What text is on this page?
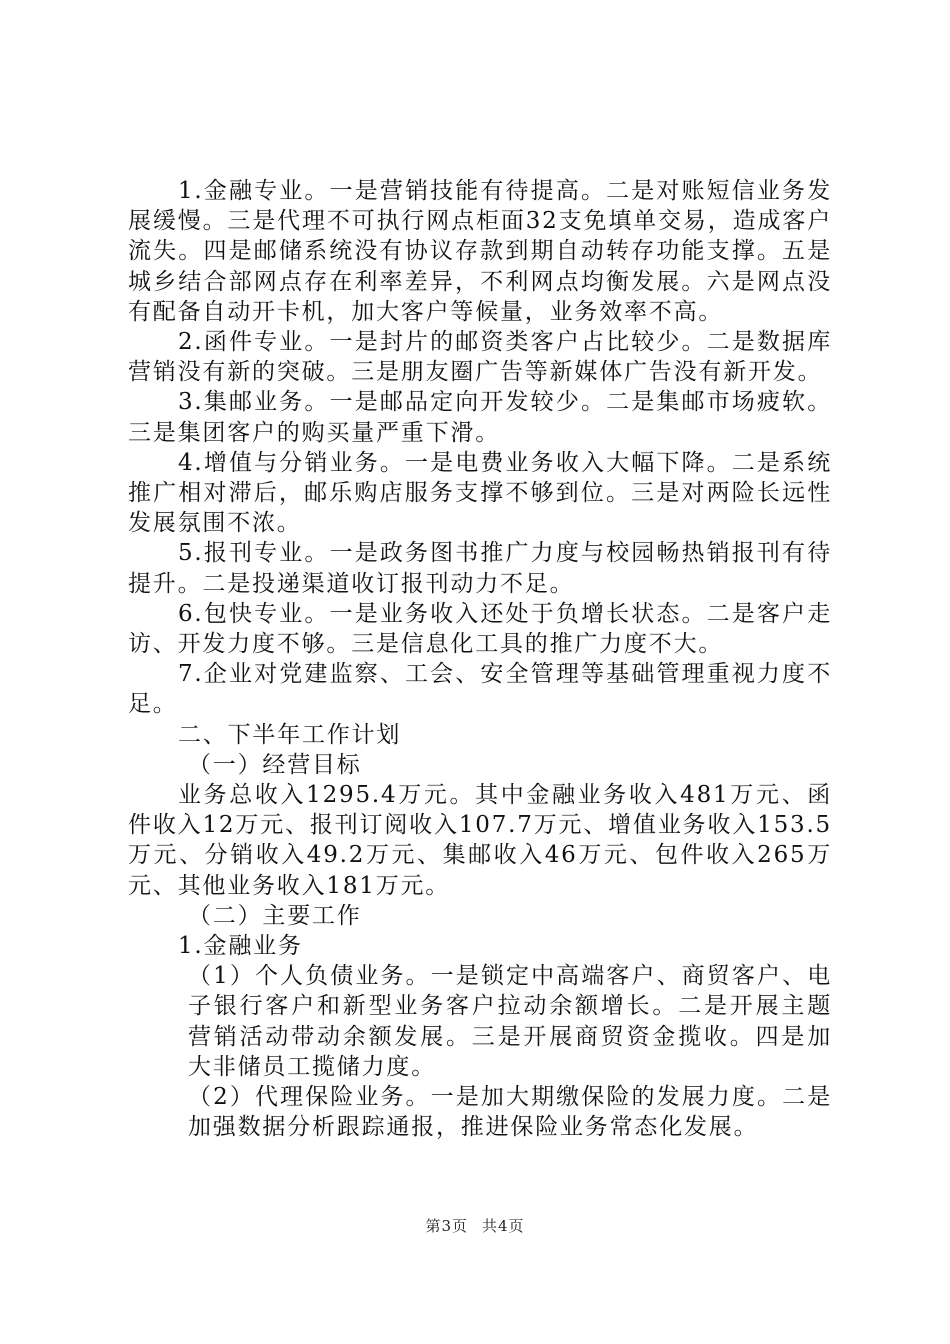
1.金融专业。一是营销技能有待提高。二是对账短信业务发展缓慢。三是代理不可执行网点柜面32支免填单交易，造成客户流失。四是邮储系统没有协议存款到期自动转存功能支撑。五是城乡结合部网点存在利率差异，不利网点均衡发展。六是网点没有配备自动开卡机，加大客户等候量，业务效率不高。

2.函件专业。一是封片的邮资类客户占比较少。二是数据库营销没有新的突破。三是朋友圈广告等新媒体广告没有新开发。

3.集邮业务。一是邮品定向开发较少。二是集邮市场疲软。三是集团客户的购买量严重下滑。

4.增值与分销业务。一是电费业务收入大幅下降。二是系统推广相对滞后，邮乐购店服务支撑不够到位。三是对两险长远性发展氛围不浓。

5.报刊专业。一是政务图书推广力度与校园畅热销报刊有待提升。二是投递渠道收订报刊动力不足。

6.包快专业。一是业务收入还处于负增长状态。二是客户走访、开发力度不够。三是信息化工具的推广力度不大。

7.企业对党建监察、工会、安全管理等基础管理重视力度不足。

二、下半年工作计划

（一）经营目标

业务总收入1295.4万元。其中金融业务收入481万元、函件收入12万元、报刊订阅收入107.7万元、增值业务收入153.5万元、分销收入49.2万元、集邮收入46万元、包件收入265万元、其他业务收入181万元。

（二）主要工作

1.金融业务

（1）个人负债业务。一是锁定中高端客户、商贸客户、电子银行客户和新型业务客户拉动余额增长。二是开展主题营销活动带动余额发展。三是开展商贸资金揽收。四是加大非储员工揽储力度。

（2）代理保险业务。一是加大期缴保险的发展力度。二是加强数据分析跟踪通报，推进保险业务常态化发展。

第3页 共4页
